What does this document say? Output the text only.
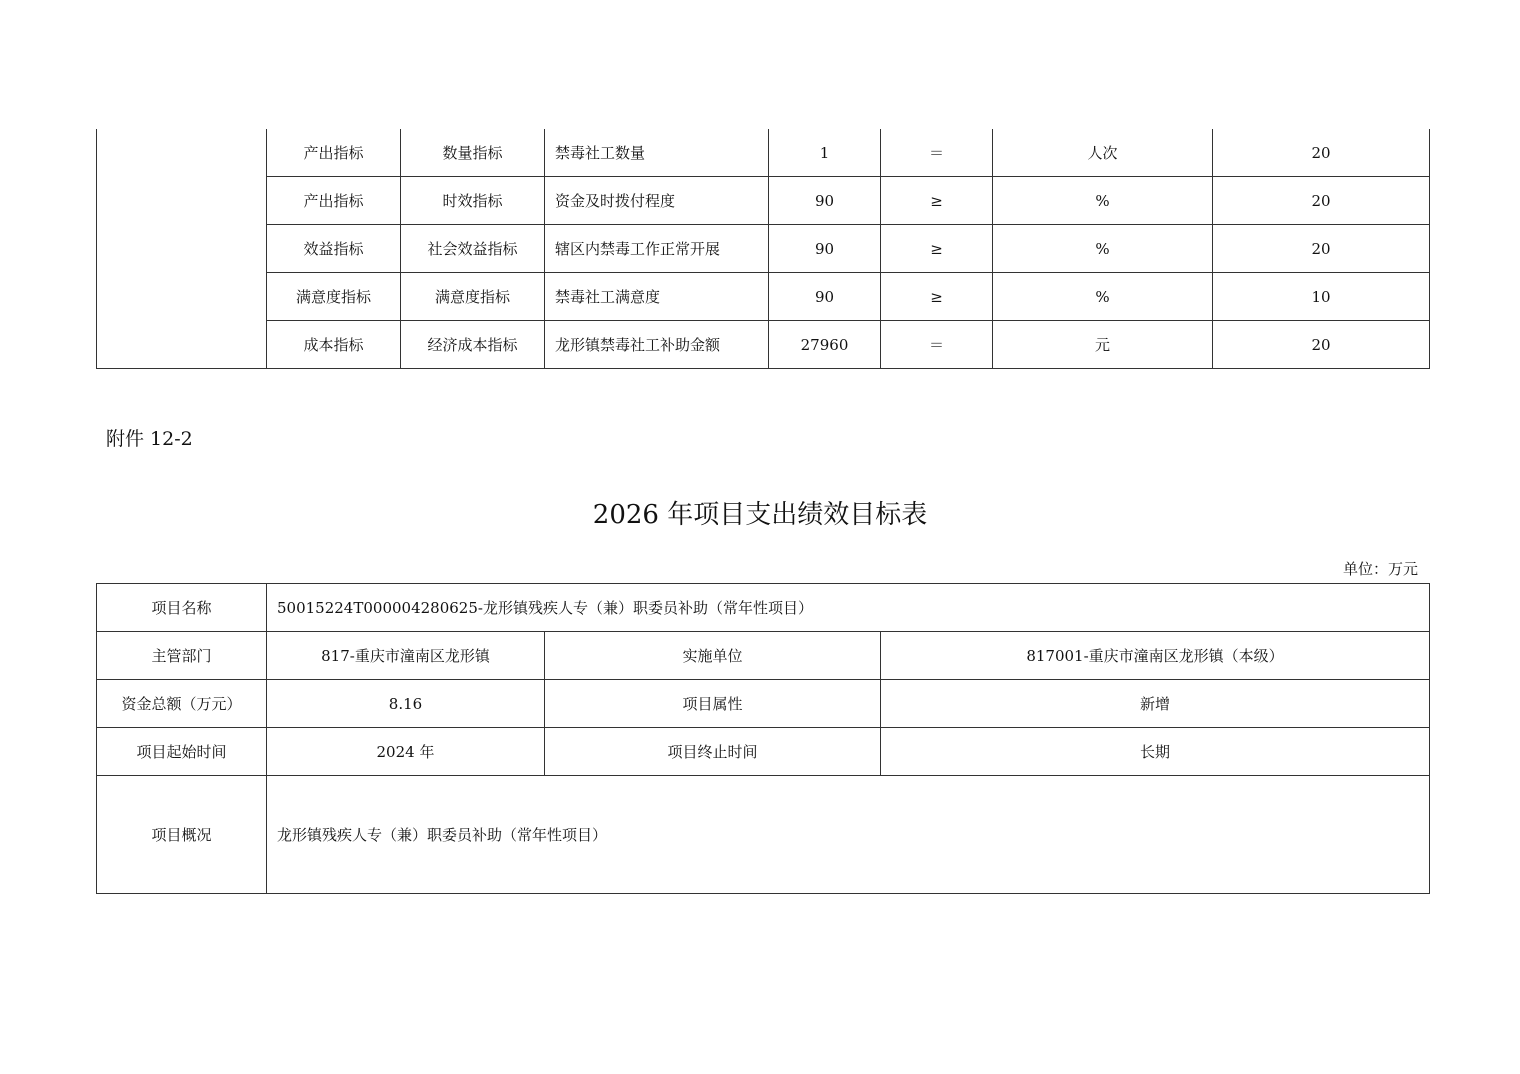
	产出指标	数量指标	禁毒社工数量	1	＝	人次	20
	产出指标	时效指标	资金及时拨付程度	90	≥	%	20
	效益指标	社会效益指标	辖区内禁毒工作正常开展	90	≥	%	20
	满意度指标	满意度指标	禁毒社工满意度	90	≥	%	10
	成本指标	经济成本指标	龙形镇禁毒社工补助金额	27960	＝	元	20
附件 12-2
2026 年项目支出绩效目标表
单位：万元
项目名称	50015224T000004280625-龙形镇残疾人专（兼）职委员补助（常年性项目）		
主管部门	817-重庆市潼南区龙形镇	实施单位	817001-重庆市潼南区龙形镇（本级）
资金总额（万元）	8.16	项目属性	新增
项目起始时间	2024 年	项目终止时间	长期
项目概况	龙形镇残疾人专（兼）职委员补助（常年性项目）		
